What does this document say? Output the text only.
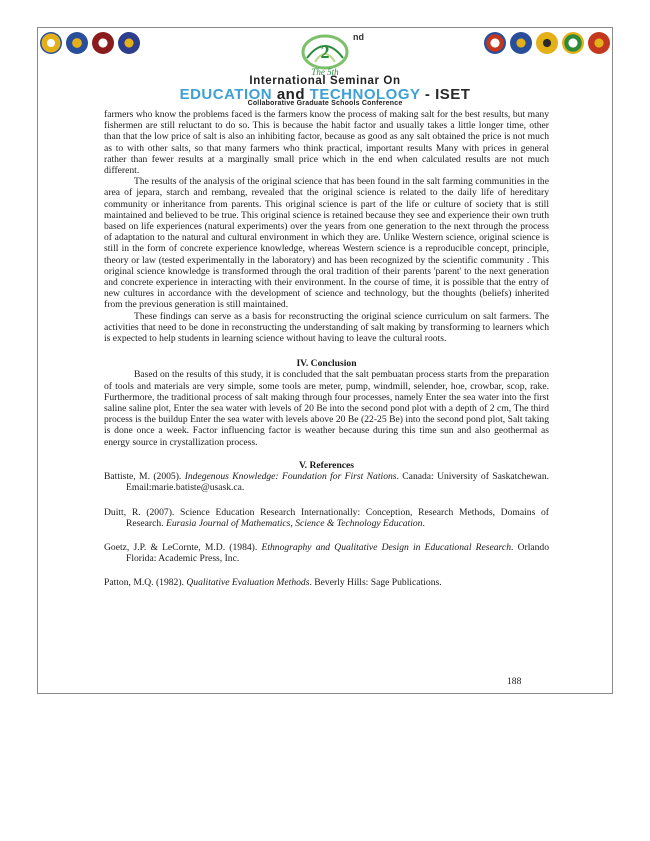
2
nd
The 5th
International Seminar On
EDUCATION and TECHNOLOGY - ISET
Collaborative Graduate Schools Conference

farmers who know the problems faced is the farmers know the process of making salt for the best results, but many fishermen are still reluctant to do so. This is because the habit factor and usually takes a little longer time, other than that the low price of salt is also an inhibiting factor, because as good as any salt obtained the price is not much as to with other salts, so that many farmers who think practical, important results Many with prices in general rather than fewer results at a marginally small price which in the end when calculated results are not much different.

The results of the analysis of the original science that has been found in the salt farming communities in the area of jepara, starch and rembang, revealed that the original science is related to the daily life of hereditary community or inheritance from parents. This original science is part of the life or culture of society that is still maintained and believed to be true. This original science is retained because they see and experience their own truth based on life experiences (natural experiments) over the years from one generation to the next through the process of adaptation to the natural and cultural environment in which they are. Unlike Western science, original science is still in the form of concrete experience knowledge, whereas Western science is a reproducible concept, principle, theory or law (tested experimentally in the laboratory) and has been recognized by the scientific community . This original science knowledge is transformed through the oral tradition of their parents 'parent' to the next generation and concrete experience in interacting with their environment. In the course of time, it is possible that the entry of new cultures in accordance with the development of science and technology, but the thoughts (beliefs) inherited from the previous generation is still maintained.

These findings can serve as a basis for reconstructing the original science curriculum on salt farmers. The activities that need to be done in reconstructing the understanding of salt making by transforming to learners which is expected to help students in learning science without having to leave the cultural roots.

IV. Conclusion

Based on the results of this study, it is concluded that the salt pembuatan process starts from the preparation of tools and materials are very simple, some tools are meter, pump, windmill, selender, hoe, crowbar, scop, rake. Furthermore, the traditional process of salt making through four processes, namely Enter the sea water into the first saline saline plot, Enter the sea water with levels of 20 Be into the second pond plot with a depth of 2 cm, The third process is the buildup Enter the sea water with levels above 20 Be (22-25 Be) into the second pond plot, Salt taking is done once a week. Factor influencing factor is weather because during this time sun and also geothermal as energy source in crystallization process.

V. References
Battiste, M. (2005). Indegenous Knowledge: Foundation for First Nations. Canada: University of Saskatchewan. Email:marie.batiste@usask.ca.
Duitt, R. (2007). Science Education Research Internationally: Conception, Research Methods, Domains of Research. Eurasia Journal of Mathematics, Science & Technology Education.
Goetz, J.P. & LeCornte, M.D. (1984). Ethnography and Qualitative Design in Educational Research. Orlando Florida: Academic Press, Inc.
Patton, M.Q. (1982). Qualitative Evaluation Methods. Beverly Hills: Sage Publications.
188
